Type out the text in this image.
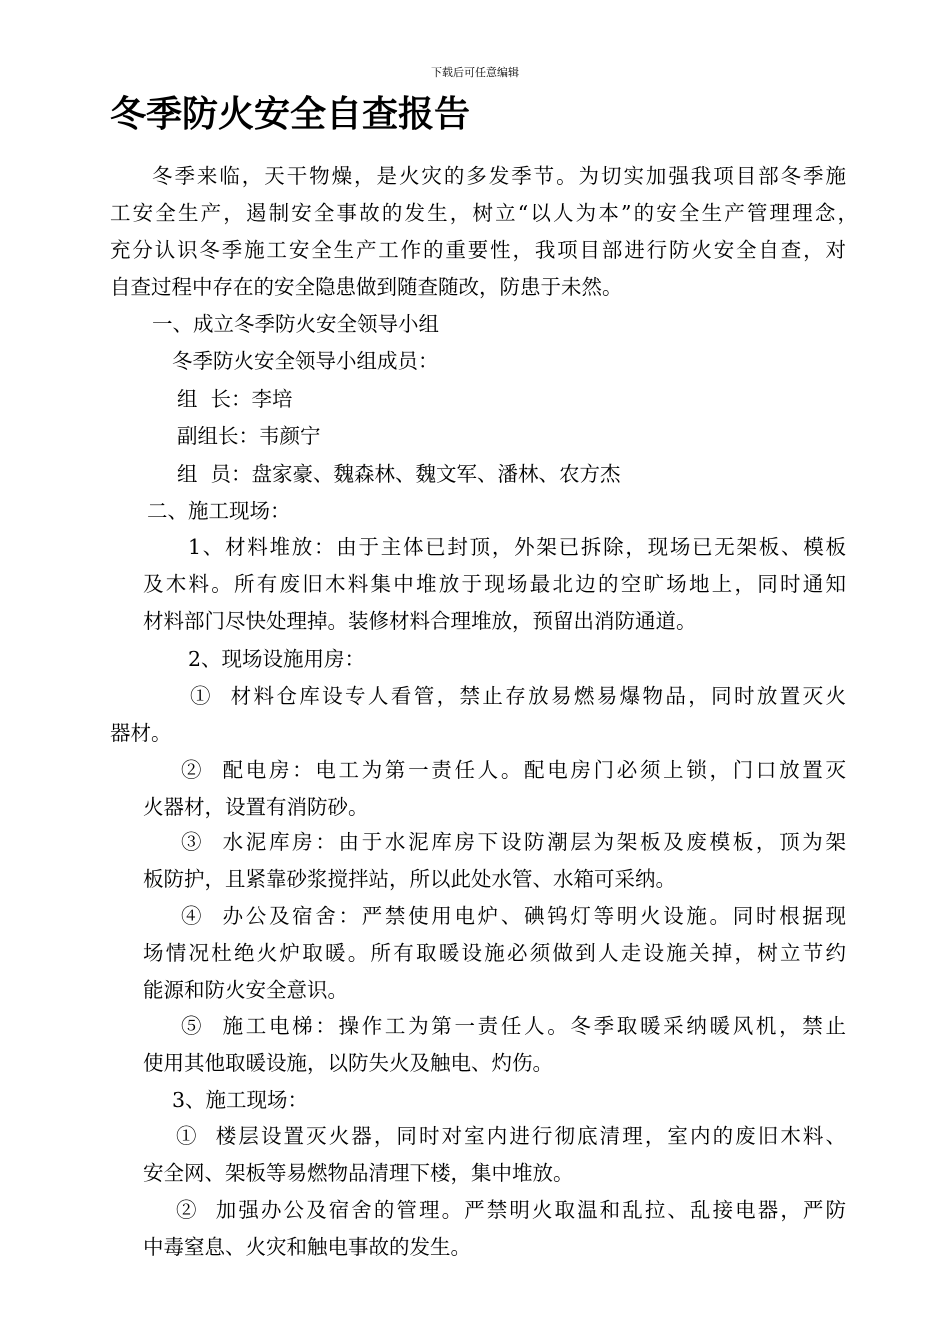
下载后可任意编辑
冬季防火安全自查报告
冬季来临，天干物燥，是火灾的多发季节。为切实加强我项目部冬季施
工安全生产，遏制安全事故的发生，树立“以人为本”的安全生产管理理念，
充分认识冬季施工安全生产工作的重要性，我项目部进行防火安全自查，对
自查过程中存在的安全隐患做到随查随改，防患于未然。
一、成立冬季防火安全领导小组
冬季防火安全领导小组成员：
组  长：李培
副组长：韦颜宁
组  员：盘家豪、魏森林、魏文军、潘林、农方杰
二、施工现场：
1、材料堆放：由于主体已封顶，外架已拆除，现场已无架板、模板
及木料。所有废旧木料集中堆放于现场最北边的空旷场地上，同时通知
材料部门尽快处理掉。装修材料合理堆放，预留出消防通道。
2、现场设施用房：
①  材料仓库设专人看管，禁止存放易燃易爆物品，同时放置灭火
器材。
②  配电房：电工为第一责任人。配电房门必须上锁，门口放置灭
火器材，设置有消防砂。
③  水泥库房：由于水泥库房下设防潮层为架板及废模板，顶为架
板防护，且紧靠砂浆搅拌站，所以此处水管、水箱可采纳。
④  办公及宿舍：严禁使用电炉、碘钨灯等明火设施。同时根据现
场情况杜绝火炉取暖。所有取暖设施必须做到人走设施关掉，树立节约
能源和防火安全意识。
⑤  施工电梯：操作工为第一责任人。冬季取暖采纳暖风机，禁止
使用其他取暖设施，以防失火及触电、灼伤。
3、施工现场：
①  楼层设置灭火器，同时对室内进行彻底清理，室内的废旧木料、
安全网、架板等易燃物品清理下楼，集中堆放。
②  加强办公及宿舍的管理。严禁明火取温和乱拉、乱接电器，严防
中毒窒息、火灾和触电事故的发生。
